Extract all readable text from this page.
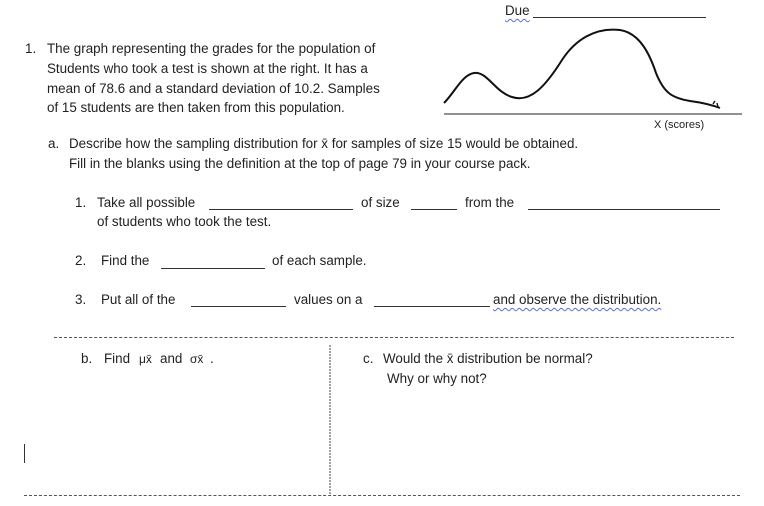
Due
1. The graph representing the grades for the population of
Students who took a test is shown at the right. It has a
mean of 78.6 and a standard deviation of 10.2. Samples
of 15 students are then taken from this population.
X (scores)
a. Describe how the sampling distribution for x̄ for samples of size 15 would be obtained.
Fill in the blanks using the definition at the top of page 79 in your course pack.
1. Take all possible	of size	from the
of students who took the test.
2. Find the	of each sample.
3. Put all of the	values on a	and observe the distribution.
b. Find μx̄ and σx̄ .	c. Would the x̄ distribution be normal?
Why or why not?
